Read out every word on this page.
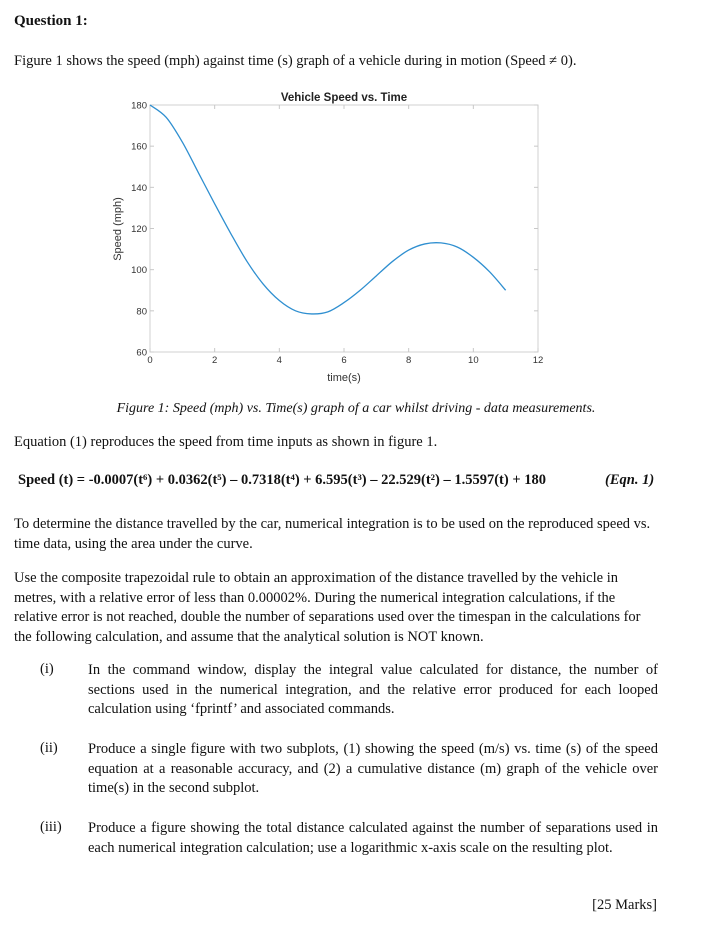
Question 1:
Figure 1 shows the speed (mph) against time (s) graph of a vehicle during in motion (Speed ≠ 0).
Vehicle Speed vs. Time
time(s)
Speed (mph)
60
80
100
120
140
160
180
0	2	4	6	8	10	12
Figure 1: Speed (mph) vs. Time(s) graph of a car whilst driving - data measurements.
Equation (1) reproduces the speed from time inputs as shown in figure 1.
Speed (t) = -0.0007(t⁶) + 0.0362(t⁵) – 0.7318(t⁴) + 6.595(t³) – 22.529(t²) – 1.5597(t) + 180	(Eqn. 1)
To determine the distance travelled by the car, numerical integration is to be used on the reproduced speed vs. time data, using the area under the curve.
Use the composite trapezoidal rule to obtain an approximation of the distance travelled by the vehicle in metres, with a relative error of less than 0.00002%. During the numerical integration calculations, if the relative error is not reached, double the number of separations used over the timespan in the calculations for the following calculation, and assume that the analytical solution is NOT known.
(i) In the command window, display the integral value calculated for distance, the number of sections used in the numerical integration, and the relative error produced for each looped calculation using ‘fprintf’ and associated commands.
(ii) Produce a single figure with two subplots, (1) showing the speed (m/s) vs. time (s) of the speed equation at a reasonable accuracy, and (2) a cumulative distance (m) graph of the vehicle over time(s) in the second subplot.
(iii) Produce a figure showing the total distance calculated against the number of separations used in each numerical integration calculation; use a logarithmic x-axis scale on the resulting plot.
[25 Marks]
